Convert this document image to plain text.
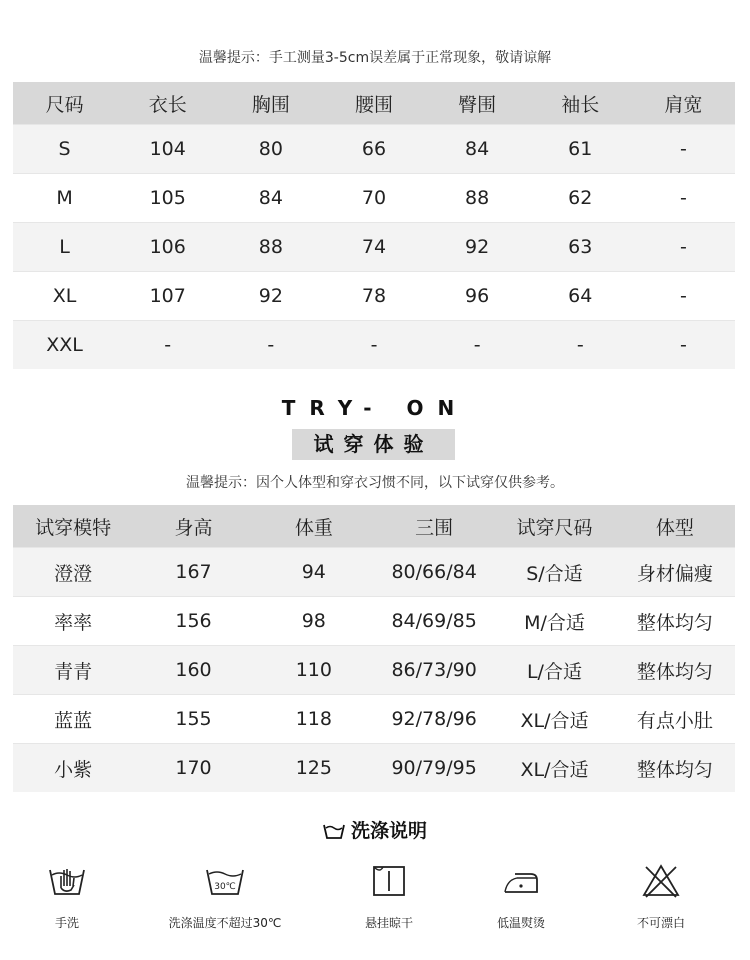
温馨提示：手工测量3-5cm误差属于正常现象，敬请谅解
尺码	衣长	胸围	腰围	臀围	袖长	肩宽
S	104	80	66	84	61	-
M	105	84	70	88	62	-
L	106	88	74	92	63	-
XL	107	92	78	96	64	-
XXL	-	-	-	-	-	-
TRY- ON
试穿体验
温馨提示：因个人体型和穿衣习惯不同，以下试穿仅供参考。
试穿模特	身高	体重	三围	试穿尺码	体型
澄澄	167	94	80/66/84	S/合适	身材偏瘦
率率	156	98	84/69/85	M/合适	整体均匀
青青	160	110	86/73/90	L/合适	整体均匀
蓝蓝	155	118	92/78/96	XL/合适	有点小肚
小紫	170	125	90/79/95	XL/合适	整体均匀
洗涤说明
手洗
30℃
洗涤温度不超过30℃	悬挂晾干	低温熨烫	不可漂白
